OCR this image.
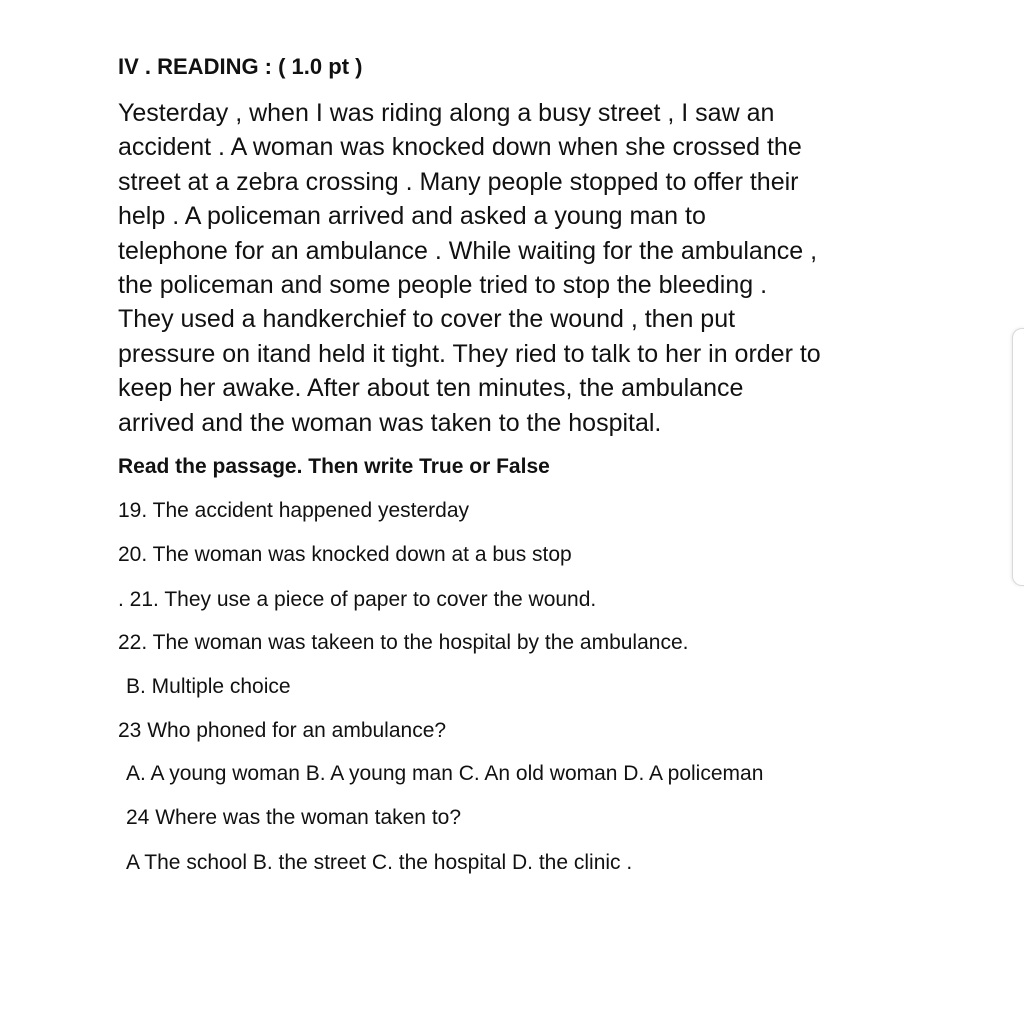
IV . READING : ( 1.0 pt )
Yesterday , when I was riding along a busy street , I saw an
accident . A woman was knocked down when she crossed the
street at a zebra crossing . Many people stopped to offer their
help . A policeman arrived and asked a young man to
telephone for an ambulance . While waiting for the ambulance ,
the policeman and some people tried to stop the bleeding .
They used a handkerchief to cover the wound , then put
pressure on itand held it tight. They ried to talk to her in order to
keep her awake. After about ten minutes, the ambulance
arrived and the woman was taken to the hospital.
Read the passage. Then write True or False
19. The accident happened yesterday
20. The woman was knocked down at a bus stop
. 21. They use a piece of paper to cover the wound.
22. The woman was takeen to the hospital by the ambulance.
B. Multiple choice
23 Who phoned for an ambulance?
A. A young woman B. A young man C. An old woman D. A policeman
24 Where was the woman taken to?
A The school B. the street C. the hospital D. the clinic .
